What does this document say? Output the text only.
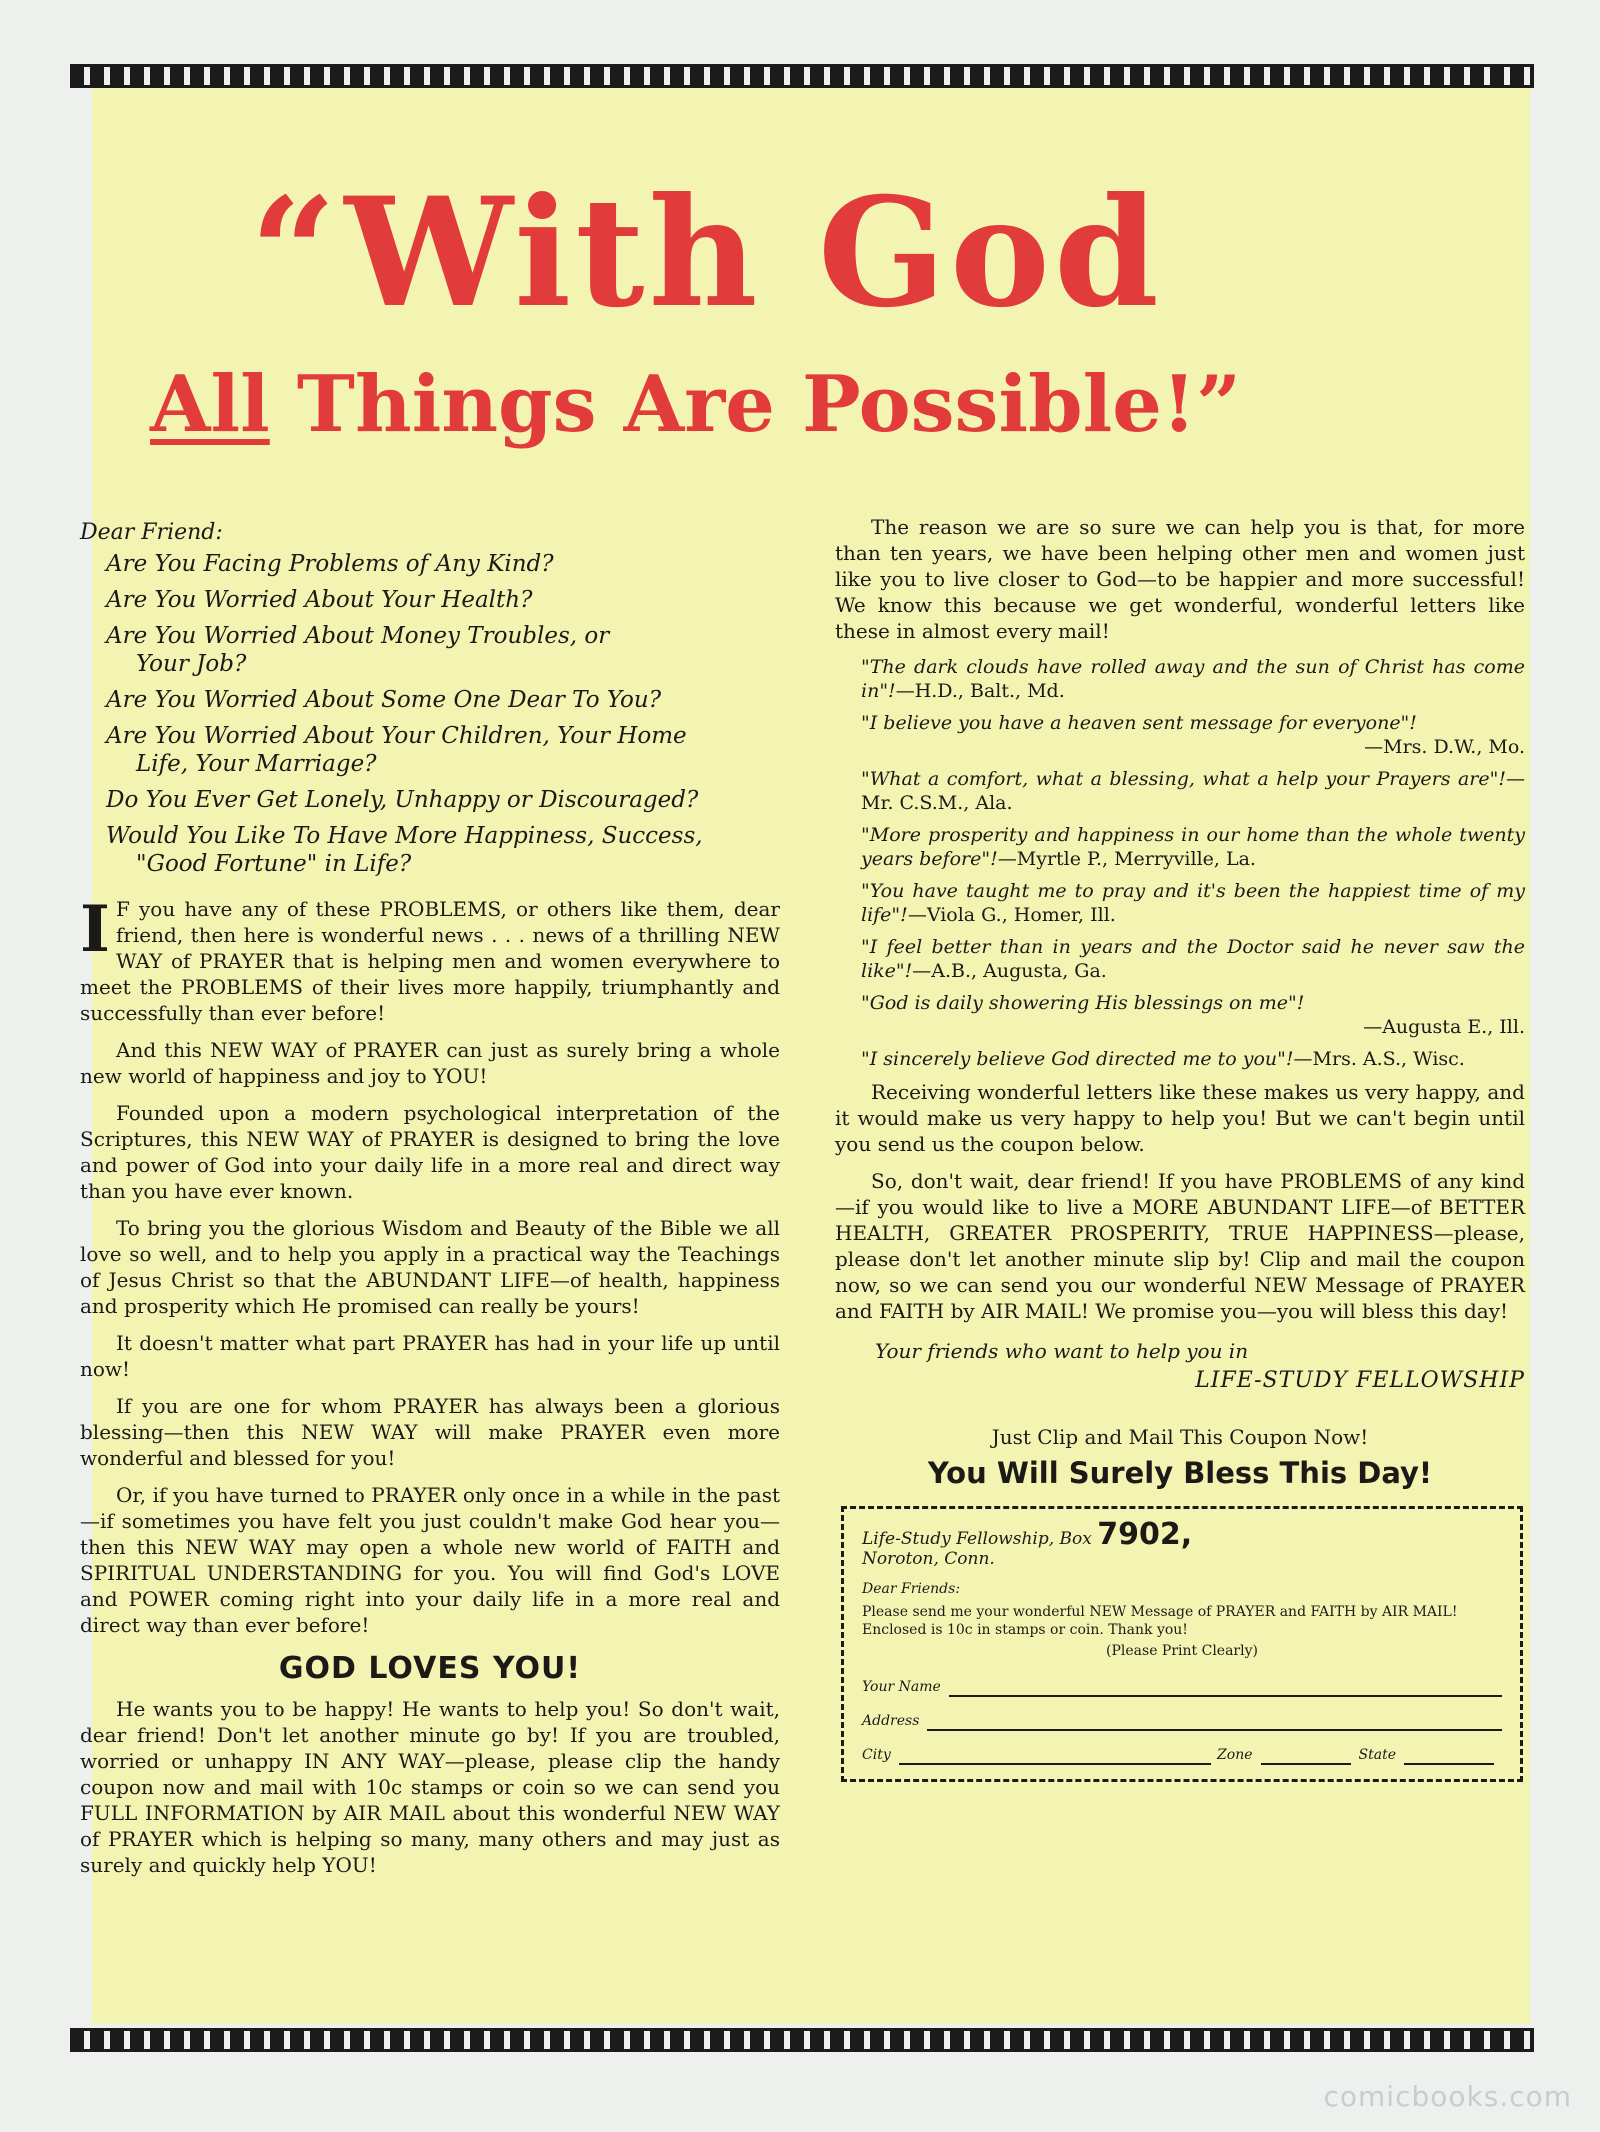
“With God
All Things Are Possible!”
Dear Friend:
Are You Facing Problems of Any Kind?
Are You Worried About Your Health?
Are You Worried About Money Troubles, or
Your Job?
Are You Worried About Some One Dear To You?
Are You Worried About Your Children, Your Home
Life, Your Marriage?
Do You Ever Get Lonely, Unhappy or Discouraged?
Would You Like To Have More Happiness, Success,
"Good Fortune" in Life?

I F you have any of these PROBLEMS, or others like them, dear friend, then here is wonderful news . . . news of a thrilling NEW WAY of PRAYER that is helping men and women everywhere to meet the PROBLEMS of their lives more happily, triumphantly and successfully than ever before!

And this NEW WAY of PRAYER can just as surely bring a whole new world of happiness and joy to YOU!

Founded upon a modern psychological interpretation of the Scriptures, this NEW WAY of PRAYER is designed to bring the love and power of God into your daily life in a more real and direct way than you have ever known.

To bring you the glorious Wisdom and Beauty of the Bible we all love so well, and to help you apply in a practical way the Teachings of Jesus Christ so that the ABUNDANT LIFE—of health, happiness and prosperity which He promised can really be yours!

It doesn't matter what part PRAYER has had in your life up until now!

If you are one for whom PRAYER has always been a glorious blessing—then this NEW WAY will make PRAYER even more wonderful and blessed for you!

Or, if you have turned to PRAYER only once in a while in the past—if sometimes you have felt you just couldn't make God hear you—then this NEW WAY may open a whole new world of FAITH and SPIRITUAL UNDERSTANDING for you. You will find God's LOVE and POWER coming right into your daily life in a more real and direct way than ever before!

GOD LOVES YOU!

He wants you to be happy! He wants to help you! So don't wait, dear friend! Don't let another minute go by! If you are troubled, worried or unhappy IN ANY WAY—please, please clip the handy coupon now and mail with 10c stamps or coin so we can send you FULL INFORMATION by AIR MAIL about this wonderful NEW WAY of PRAYER which is helping so many, many others and may just as surely and quickly help YOU!

The reason we are so sure we can help you is that, for more than ten years, we have been helping other men and women just like you to live closer to God—to be happier and more successful! We know this because we get wonderful, wonderful letters like these in almost every mail!

"The dark clouds have rolled away and the sun of Christ has come in"!—H.D., Balt., Md.
"I believe you have a heaven sent message for everyone"!
—Mrs. D.W., Mo.
"What a comfort, what a blessing, what a help your Prayers are"!—Mr. C.S.M., Ala.
"More prosperity and happiness in our home than the whole twenty years before"!—Myrtle P., Merryville, La.
"You have taught me to pray and it's been the happiest time of my life"!—Viola G., Homer, Ill.
"I feel better than in years and the Doctor said he never saw the like"!—A.B., Augusta, Ga.
"God is daily showering His blessings on me"!
—Augusta E., Ill.
"I sincerely believe God directed me to you"!—Mrs. A.S., Wisc.

Receiving wonderful letters like these makes us very happy, and it would make us very happy to help you! But we can't begin until you send us the coupon below.

So, don't wait, dear friend! If you have PROBLEMS of any kind—if you would like to live a MORE ABUNDANT LIFE—of BETTER HEALTH, GREATER PROSPERITY, TRUE HAPPINESS—please, please don't let another minute slip by! Clip and mail the coupon now, so we can send you our wonderful NEW Message of PRAYER and FAITH by AIR MAIL! We promise you—you will bless this day!

Your friends who want to help you in
LIFE-STUDY FELLOWSHIP
Just Clip and Mail This Coupon Now!
You Will Surely Bless This Day!
Life-Study Fellowship, Box 7902,
Noroton, Conn.
Dear Friends:
Please send me your wonderful NEW Message of PRAYER and FAITH by AIR MAIL! Enclosed is 10c in stamps or coin. Thank you!
(Please Print Clearly)
Your Name
Address
City	Zone	State
comicbooks.com
